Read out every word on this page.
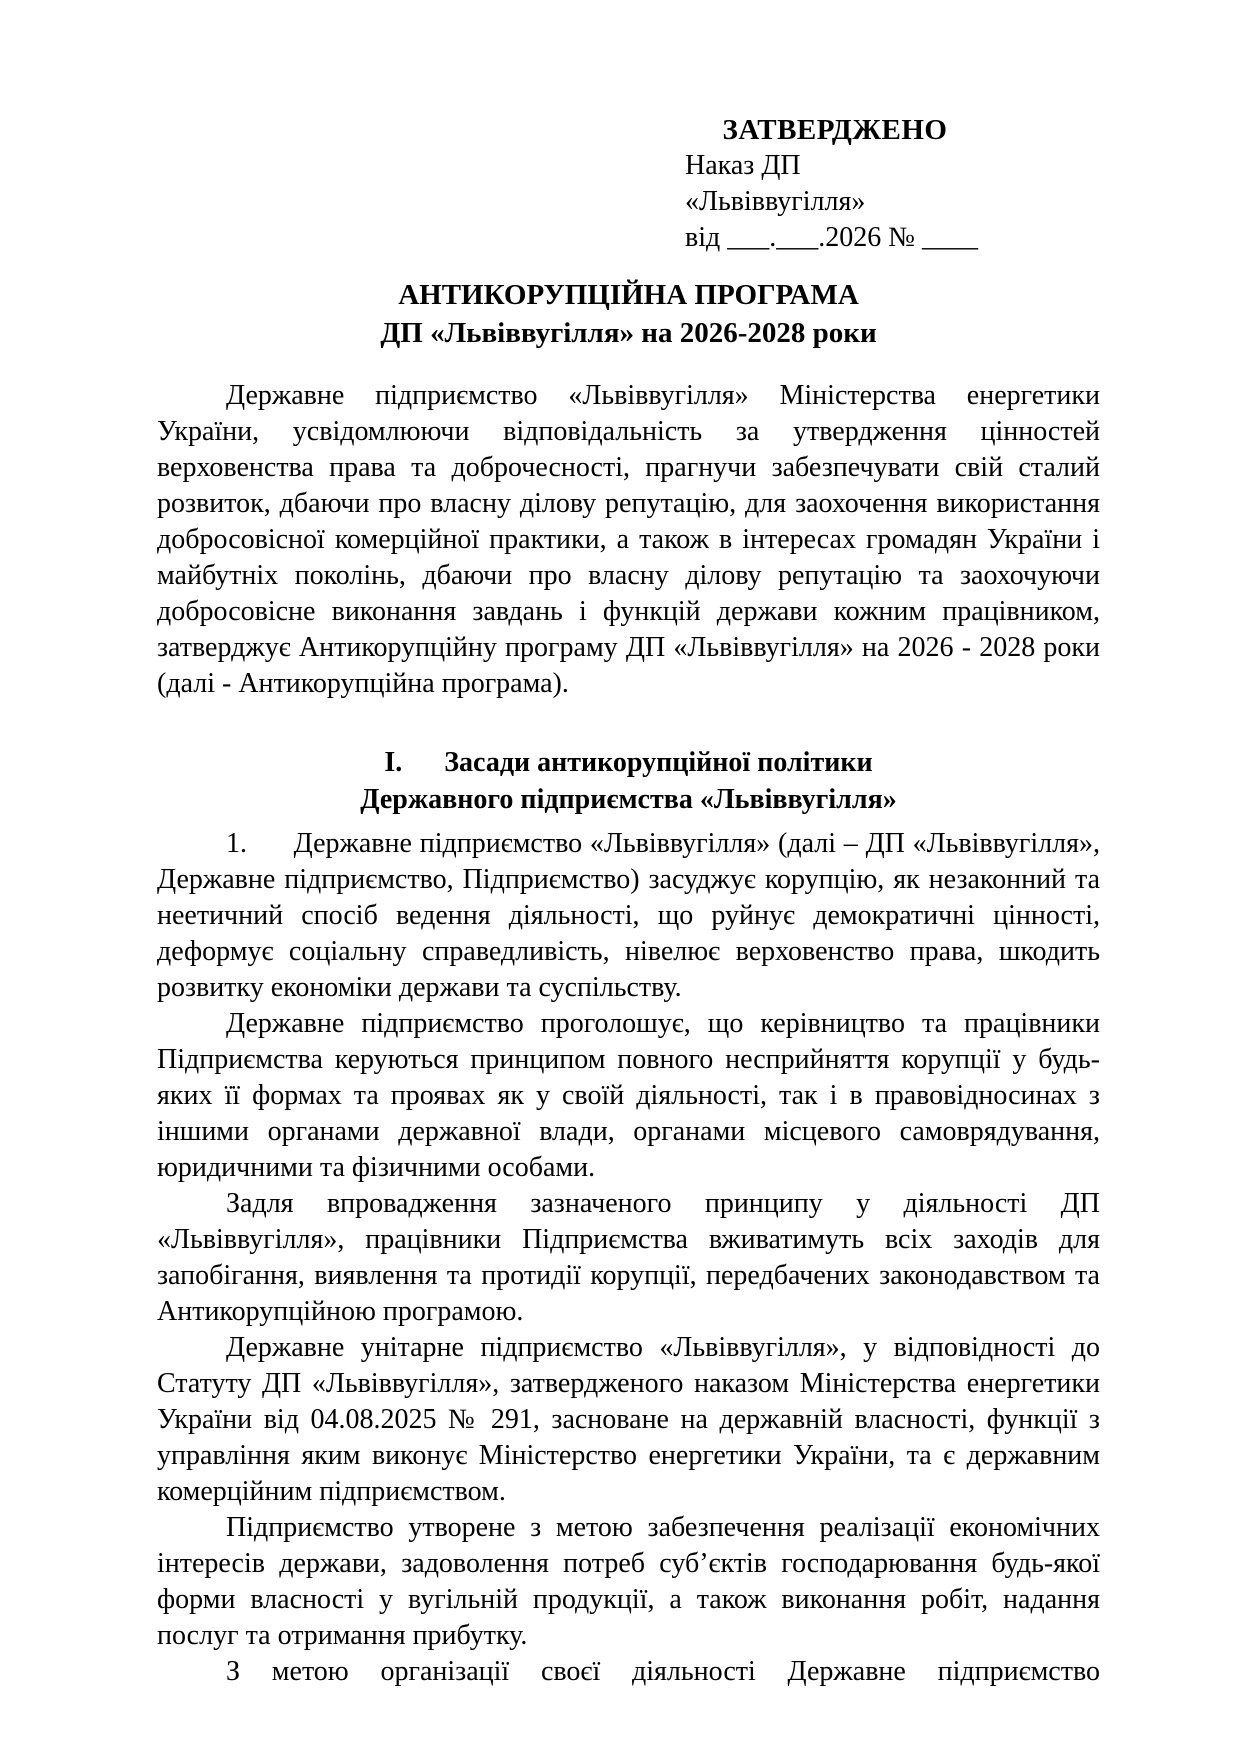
ЗАТВЕРДЖЕНО
Наказ ДП «Львіввугілля»
від ___.___.2026 № ____
АНТИКОРУПЦІЙНА ПРОГРАМА
ДП «Львіввугілля» на 2026-2028 роки

Державне підприємство «Львіввугілля» Міністерства енергетики України, усвідомлюючи відповідальність за утвердження цінностей верховенства права та доброчесності, прагнучи забезпечувати свій сталий розвиток, дбаючи про власну ділову репутацію, для заохочення використання добросовісної комерційної практики, а також в інтересах громадян України і майбутніх поколінь, дбаючи про власну ділову репутацію та заохочуючи добросовісне виконання завдань і функцій держави кожним працівником, затверджує Антикорупційну програму ДП «Львіввугілля» на 2026 - 2028 роки (далі - Антикорупційна програма).

I.      Засади антикорупційної політики
Державного підприємства «Львіввугілля»

1.      Державне підприємство «Львіввугілля» (далі – ДП «Львіввугілля», Державне підприємство, Підприємство) засуджує корупцію, як незаконний та неетичний спосіб ведення діяльності, що руйнує демократичні цінності, деформує соціальну справедливість, нівелює верховенство права, шкодить розвитку економіки держави та суспільству.

Державне підприємство проголошує, що керівництво та працівники Підприємства керуються принципом повного несприйняття корупції у будь-яких її формах та проявах як у своїй діяльності, так і в правовідносинах з іншими органами державної влади, органами місцевого самоврядування, юридичними та фізичними особами.

Задля впровадження зазначеного принципу у діяльності ДП «Львіввугілля», працівники Підприємства вживатимуть всіх заходів для запобігання, виявлення та протидії корупції, передбачених законодавством та Антикорупційною програмою.

Державне унітарне підприємство «Львіввугілля», у відповідності до Статуту ДП «Львіввугілля», затвердженого наказом Міністерства енергетики України від 04.08.2025 № 291, засноване на державній власності, функції з управління яким виконує Міністерство енергетики України, та є державним комерційним підприємством.

Підприємство утворене з метою забезпечення реалізації економічних інтересів держави, задоволення потреб суб’єктів господарювання будь-якої форми власності у вугільній продукції, а також виконання робіт, надання послуг та отримання прибутку.

З метою організації своєї діяльності Державне підприємство
